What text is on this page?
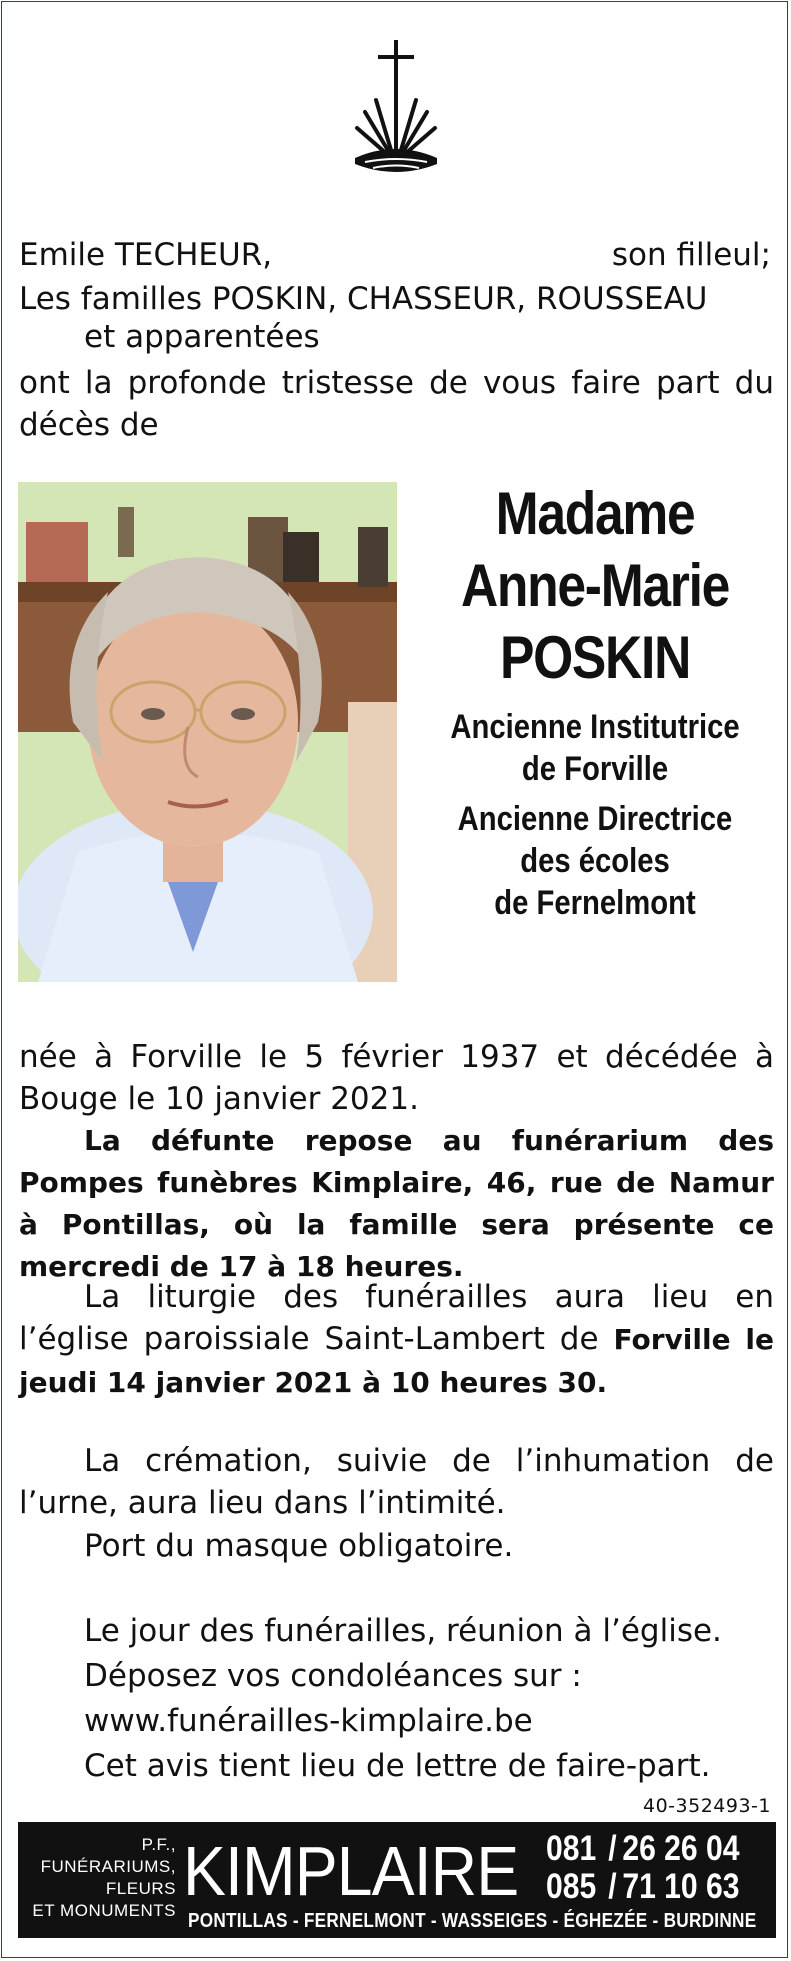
Emile TECHEUR,	son filleul;
Les familles POSKIN, CHASSEUR, ROUSSEAU
et apparentées
ont la profonde tristesse de vous faire part du décès de
Madame
Anne-Marie
POSKIN
Ancienne Institutrice
de Forville
Ancienne Directrice
des écoles
de Fernelmont
née à Forville le 5 février 1937 et décédée à Bouge le 10 janvier 2021.
La défunte repose au funérarium des Pompes funèbres Kimplaire, 46, rue de Namur à Pontillas, où la famille sera présente ce mercredi de 17 à 18 heures.
La liturgie des funérailles aura lieu en l’église paroissiale Saint-Lambert de Forville le jeudi 14 janvier 2021 à 10 heures 30.
La crémation, suivie de l’inhumation de l’urne, aura lieu dans l’intimité.
Port du masque obligatoire.
Le jour des funérailles, réunion à l’église.
Déposez vos condoléances sur :
www.funérailles-kimplaire.be
Cet avis tient lieu de lettre de faire-part.
40-352493-1
P.F.,
FUNÉRARIUMS,
FLEURS
ET MONUMENTS
KIMPLAIRE 081 / 26 26 04
085 / 71 10 63
PONTILLAS - FERNELMONT - WASSEIGES - ÉGHEZÉE - BURDINNE
